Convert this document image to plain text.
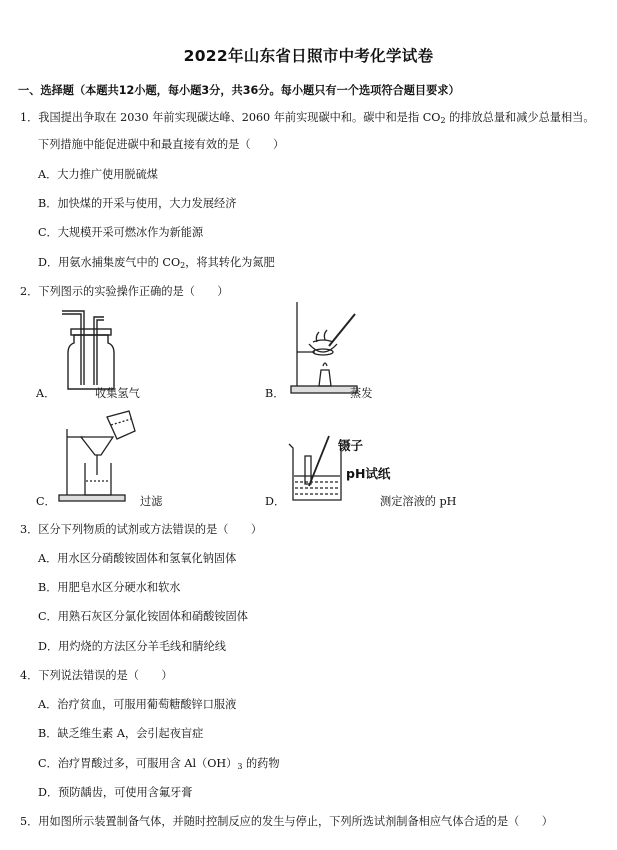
2022年山东省日照市中考化学试卷
一、选择题（本题共12小题，每小题3分，共36分。每小题只有一个选项符合题目要求）
1．我国提出争取在 2030 年前实现碳达峰、2060 年前实现碳中和。碳中和是指 $CO_2$ 的排放总量和减少总量相当。
下列措施中能促进碳中和最直接有效的是（　　）
A．大力推广使用脱硫煤
B．加快煤的开采与使用，大力发展经济
C．大规模开采可燃冰作为新能源
D．用氨水捕集废气中的 $CO_2$，将其转化为氮肥
2．下列图示的实验操作正确的是（　　）
A．	收集氢气	B．	蒸发
C．	过滤
镊子
pH试纸
D．	测定溶液的 pH
3．区分下列物质的试剂或方法错误的是（　　）
A．用水区分硝酸铵固体和氢氧化钠固体
B．用肥皂水区分硬水和软水
C．用熟石灰区分氯化铵固体和硝酸铵固体
D．用灼烧的方法区分羊毛线和腈纶线
4．下列说法错误的是（　　）
A．治疗贫血，可服用葡萄糖酸锌口服液
B．缺乏维生素 A，会引起夜盲症
C．治疗胃酸过多，可服用含 $Al(OH)_3$ 的药物
D．预防龋齿，可使用含氟牙膏
5．用如图所示装置制备气体，并随时控制反应的发生与停止，下列所选试剂制备相应气体合适的是（　　）
